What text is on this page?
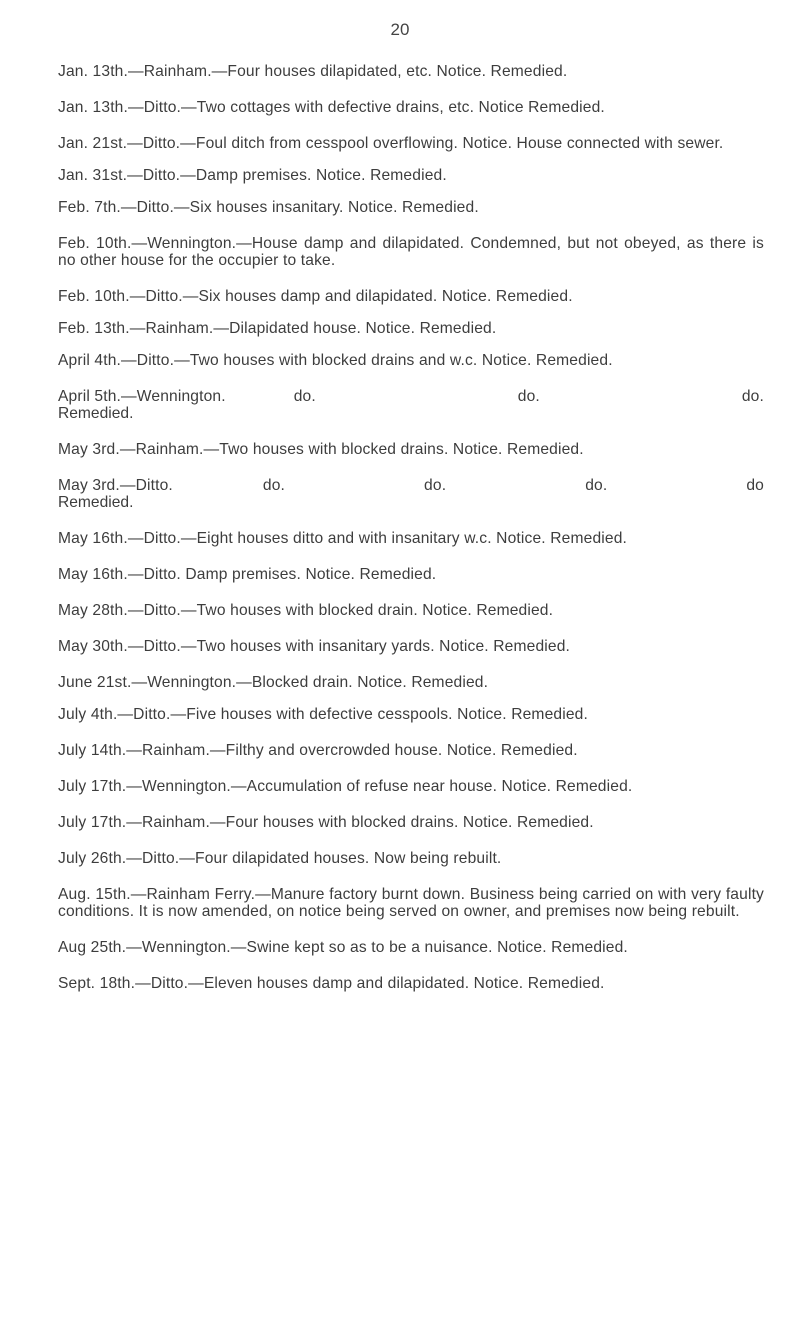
20

Jan. 13th.—Rainham.—Four houses dilapidated, etc. Notice. Remedied.

Jan. 13th.—Ditto.—Two cottages with defective drains, etc. Notice Remedied.

Jan. 21st.—Ditto.—Foul ditch from cesspool overflowing. Notice. House connected with sewer.

Jan. 31st.—Ditto.—Damp premises. Notice. Remedied.

Feb. 7th.—Ditto.—Six houses insanitary. Notice. Remedied.

Feb. 10th.—Wennington.—House damp and dilapidated. Condemned, but not obeyed, as there is no other house for the occupier to take.

Feb. 10th.—Ditto.—Six houses damp and dilapidated. Notice. Remedied.

Feb. 13th.—Rainham.—Dilapidated house. Notice. Remedied.

April 4th.—Ditto.—Two houses with blocked drains and w.c. Notice. Remedied.

April 5th.—Wennington.	do.	do.	do.

Remedied.

May 3rd.—Rainham.—Two houses with blocked drains. Notice. Remedied.

May 3rd.—Ditto.	do.	do.	do.	do

Remedied.

May 16th.—Ditto.—Eight houses ditto and with insanitary w.c. Notice. Remedied.

May 16th.—Ditto. Damp premises. Notice. Remedied.

May 28th.—Ditto.—Two houses with blocked drain. Notice. Remedied.

May 30th.—Ditto.—Two houses with insanitary yards. Notice. Remedied.

June 21st.—Wennington.—Blocked drain. Notice. Remedied.

July 4th.—Ditto.—Five houses with defective cesspools. Notice. Remedied.

July 14th.—Rainham.—Filthy and overcrowded house. Notice. Remedied.

July 17th.—Wennington.—Accumulation of refuse near house. Notice. Remedied.

July 17th.—Rainham.—Four houses with blocked drains. Notice. Remedied.

July 26th.—Ditto.—Four dilapidated houses. Now being rebuilt.

Aug. 15th.—Rainham Ferry.—Manure factory burnt down. Business being carried on with very faulty conditions. It is now amended, on notice being served on owner, and premises now being rebuilt.

Aug 25th.—Wennington.—Swine kept so as to be a nuisance. Notice. Remedied.

Sept. 18th.—Ditto.—Eleven houses damp and dilapidated. Notice. Remedied.
